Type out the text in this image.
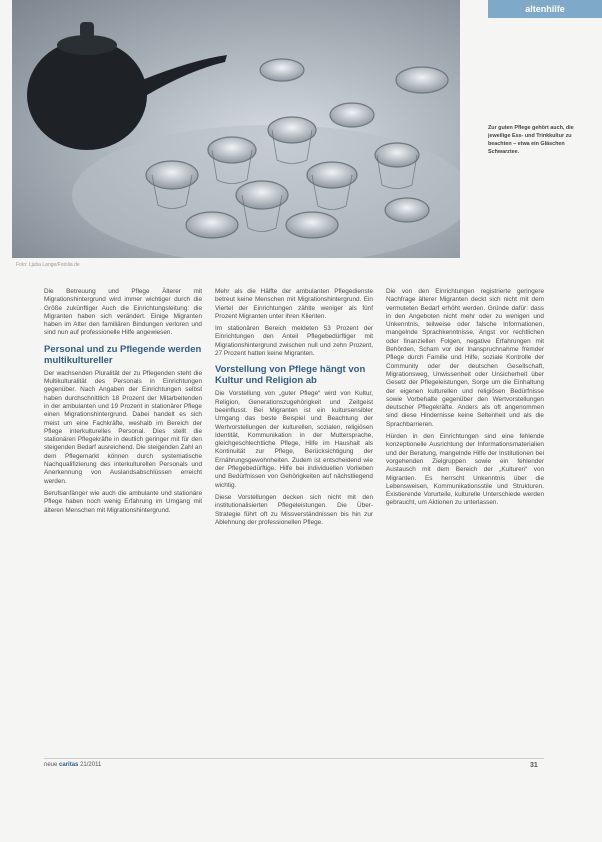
Foto: Ljuba Lange/Fotolia.de
altenhilfe
Zur guten Pflege gehört auch, die jeweilige Ess- und Trinkkultur zu beachten – etwa ein Gläschen Schwarztee.

Die Betreuung und Pflege Älterer mit Migrationshintergrund wird immer wichtiger durch die Größe zukünftiger Auch die Einrichtungsleitung: die Migranten haben sich verändert. Einige Migranten haben im Alter den familiären Bindungen verloren und sind nun auf professionelle Hilfe angewiesen.

Personal und zu Pflegende werden multikultureller

Der wachsenden Pluralität der zu Pflegenden steht die Multikulturalität des Personals in Einrichtungen gegenüber. Nach Angaben der Einrichtungen selbst haben durchschnittlich 18 Prozent der Mitarbeitenden in der ambulanten und 19 Prozent in stationärer Pflege einen Migrationshintergrund. Dabei handelt es sich meist um eine Fachkräfte, weshalb im Bereich der Pflege interkulturelles Personal. Dies stellt die stationären Pflegekräfte in deutlich geringer mit für den steigenden Bedarf ausreichend. Die steigenden Zahl an dem Pflegemarkt können durch systematische Nachqualifizierung des interkulturellen Personals und Anerkennung von Auslandsabschlüssen erreicht werden.

Berufsanfänger wie auch die ambulante und stationäre Pflege haben noch wenig Erfahrung im Umgang mit älteren Menschen mit Migrationshintergrund.

Mehr als die Hälfte der ambulanten Pflegedienste betreut keine Menschen mit Migrationshintergrund. Ein Viertel der Einrichtungen zählte weniger als fünf Prozent Migranten unter ihren Klienten.

Im stationären Bereich meldeten 53 Prozent der Einrichtungen den Anteil Pflegebedürftiger mit Migrationshintergrund zwischen null und zehn Prozent, 27 Prozent hatten keine Migranten.

Vorstellung von Pflege hängt von Kultur und Religion ab

Die Vorstellung von „guter Pflege“ wird von Kultur, Religion, Generationszugehörigkeit und Zeitgeist beeinflusst. Bei Migranten ist ein kultursensibler Umgang das beste Beispiel und Beachtung der Wertvorstellungen der kulturellen, sozialen, religiösen Identität, Kommunikation in der Muttersprache, gleichgeschlechtliche Pflege, Hilfe im Haushalt als Kontinuität zur Pflege, Berücksichtigung der Ernährungsgewohnheiten. Zudem ist entscheidend wie der Pflegebedürftige. Hilfe bei individuellen Vorlieben und Bedürfnissen von Gehörigkeiten auf nächstliegend wichtig.

Diese Vorstellungen decken sich nicht mit den institutionalisierten Pflegeleistungen. Die Über-Strategie führt oft zu Missverständnissen bis hin zur Ablehnung der professionellen Pflege.

Die von den Einrichtungen registrierte geringere Nachfrage älterer Migranten deckt sich nicht mit dem vermuteten Bedarf erhöht werden. Gründe dafür: dass in den Angeboten nicht mehr oder zu wenigen und Unkenntnis, teilweise oder falsche Informationen, mangelnde Sprachkenntnisse, Angst vor rechtlichen oder finanziellen Folgen, negative Erfahrungen mit Behörden, Scham vor der Inanspruchnahme fremder Pflege durch Familie und Hilfe, soziale Kontrolle der Community oder der deutschen Gesellschaft, Migrationsweg, Unwissenheit oder Unsicherheit über Gesetz der Pflegeleistungen, Sorge um die Einhaltung der eigenen kulturellen und religiösen Bedürfnisse sowie Vorbehalte gegenüber den Wertvorstellungen deutscher Pflegekräfte. Anders als oft angenommen sind diese Hindernisse keine Seltenheit und als die Sprachbarrieren.

Hürden in den Einrichtungen sind eine fehlende konzeptionelle Ausrichtung der Informationsmaterialien und der Beratung, mangelnde Hilfe der Institutionen bei vorgehenden Zielgruppen sowie ein fehlender Austausch mit dem Bereich der „Kulturen“ von Migranten. Es herrscht Unkenntnis über die Lebensweisen, Kommunikationsstile und Strukturen. Existierende Vorurteile, kulturelle Unterschiede werden gebraucht, um Aktionen zu unterlassen.

neue caritas 21/2011	31
